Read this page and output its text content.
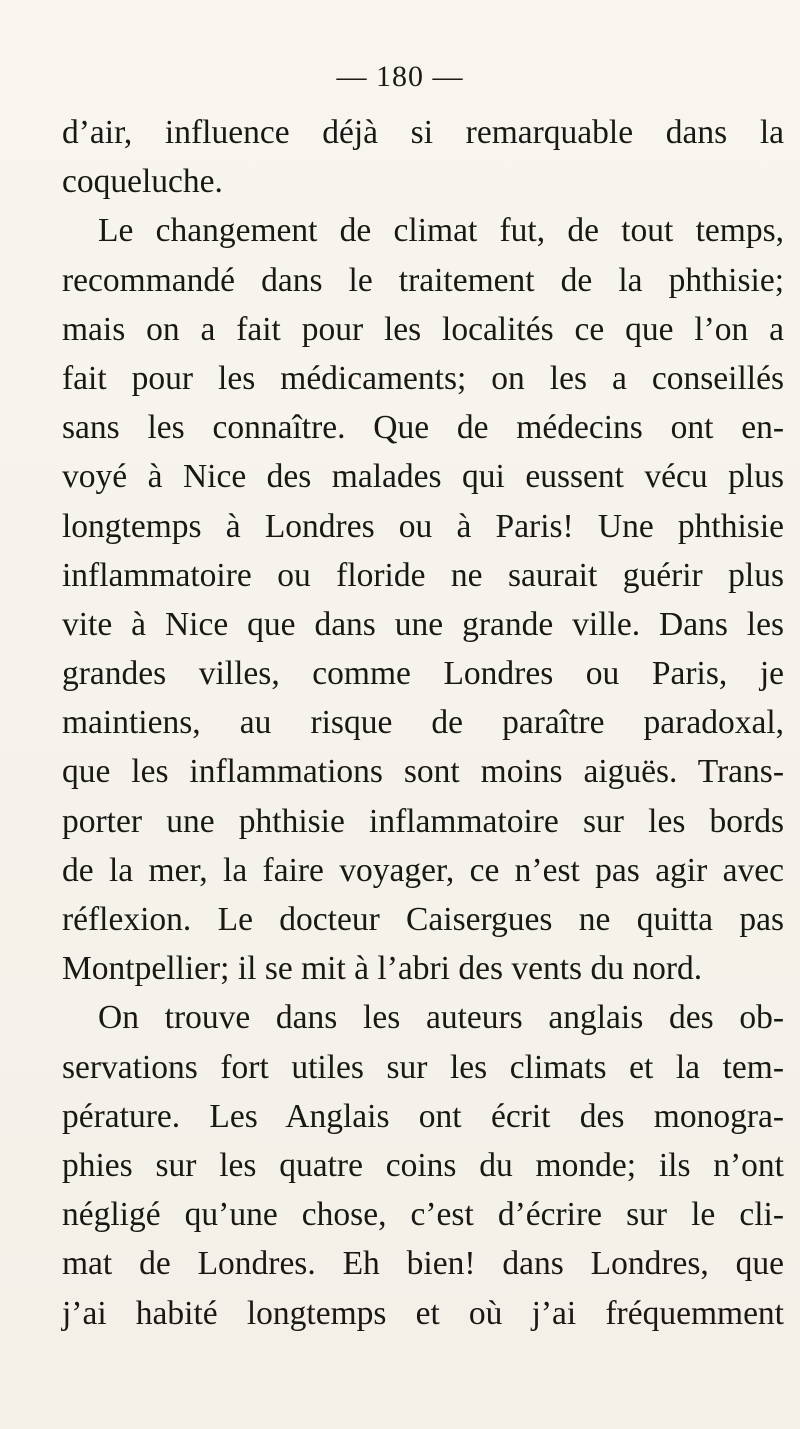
— 180 —
d’air, influence déjà si remarquable dans la
coqueluche.
Le changement de climat fut, de tout temps,
recommandé dans le traitement de la phthisie;
mais on a fait pour les localités ce que l’on a
fait pour les médicaments; on les a conseillés
sans les connaître. Que de médecins ont en-
voyé à Nice des malades qui eussent vécu plus
longtemps à Londres ou à Paris! Une phthisie
inflammatoire ou floride ne saurait guérir plus
vite à Nice que dans une grande ville. Dans les
grandes villes, comme Londres ou Paris, je
maintiens, au risque de paraître paradoxal,
que les inflammations sont moins aiguës. Trans-
porter une phthisie inflammatoire sur les bords
de la mer, la faire voyager, ce n’est pas agir avec
réflexion. Le docteur Caisergues ne quitta pas
Montpellier; il se mit à l’abri des vents du nord.
On trouve dans les auteurs anglais des ob-
servations fort utiles sur les climats et la tem-
pérature. Les Anglais ont écrit des monogra-
phies sur les quatre coins du monde; ils n’ont
négligé qu’une chose, c’est d’écrire sur le cli-
mat de Londres. Eh bien! dans Londres, que
j’ai habité longtemps et où j’ai fréquemment
